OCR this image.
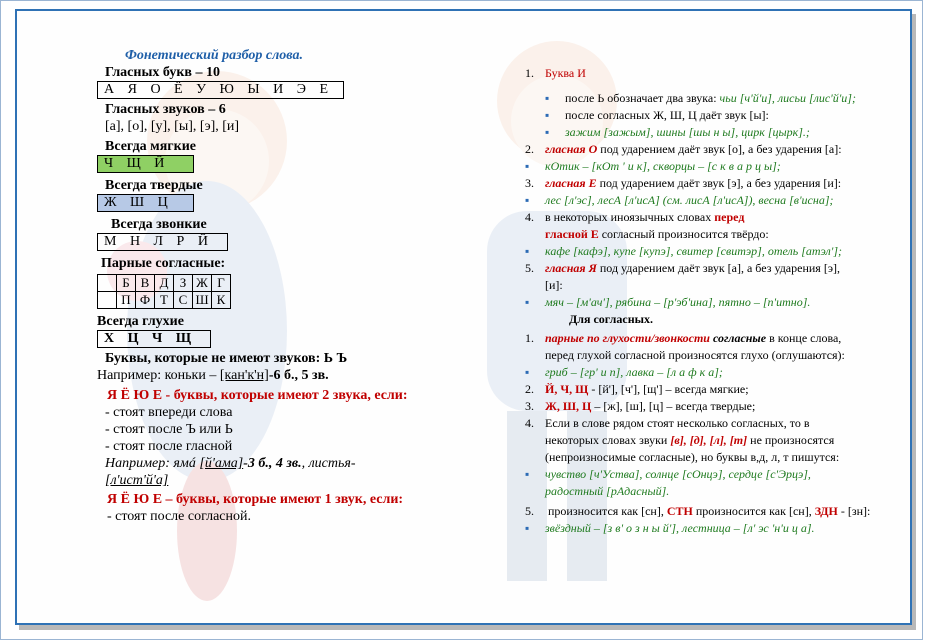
Фонетический разбор слова.
Гласных букв – 10
А Я О Ё У Ю Ы И Э Е
Гласных звуков – 6
[а], [о], [у], [ы], [э], [и]
Всегда мягкие
Ч Щ Й
Всегда твердые
Ж Ш Ц
Всегда звонкие
М Н Л Р Й
Парные согласные:
	Б	В	Д	З	Ж	Г
	П	Ф	Т	С	Ш	К
Всегда глухие
Х Ц Ч Щ
Буквы, которые не имеют звуков: Ь Ъ
Например: коньки – [кан'к'н]-6 б., 5 зв.
Я Ё Ю Е - буквы, которые имеют 2 звука, если:
- стоят впереди слова
- стоят после Ъ или Ь
- стоят после гласной
Например: ямá [й'ама]-3 б., 4 зв., листья-
[л'ист'й'а]
Я Ё Ю Е – буквы, которые имеют 1 звук, если:
- стоят после согласной.
1. Буква И
▪ после Ь обозначает два звука: чьи [ч'й'и], лисьи [лис'й'и];
▪ после согласных Ж, Ш, Ц даёт звук [ы]:
▪ зажим [зажым], шины [шы н ы], цирк [цырк].;
2. гласная О под ударением даёт звук [о], а без ударения [а]:
▪ кОтик – [кОт ' и к], скворцы – [с к в а р ц ы];
3. гласная Е под ударением даёт звук [э], а без ударения [и]:
▪ лес [л'эс], лесА [л'исА] (см. лисА [л'исА]), весна [в'исна];
4. в некоторых иноязычных словах перед
гласной Е согласный произносится твёрдо:
▪ кафе [кафэ], купе [купэ], свитер [свитэр], отель [атэл'];
5. гласная Я под ударением даёт звук [а], а без ударения [э],
[и]:
▪ мяч – [м'ач'], рябина – [р'эб'ина], пятно – [п'итно].
Для согласных.
1. парные по глухости/звонкости согласные в конце слова,
перед глухой согласной произносятся глухо (оглушаются):
▪ гриб – [гр' и п], лавка – [л а ф к а];
2. Й, Ч, Щ - [й'], [ч'], [щ'] – всегда мягкие;
3. Ж, Ш, Ц – [ж], [ш], [ц] – всегда твердые;
4. Если в слове рядом стоят несколько согласных, то в
некоторых словах звуки [в], [д], [л], [т] не произносятся
(непроизносимые согласные), но буквы в,д, л, т пишутся:
▪ чувство [ч'Уства], солнце [сОнцэ], сердце [с'Эрцэ],
радостный [рАдасный].
5. произносится как [сн], СТН произносится как [сн], ЗДН - [зн]:
▪ звёздный – [з в' о з н ы й'], лестница – [л' эс 'н'и ц а].
